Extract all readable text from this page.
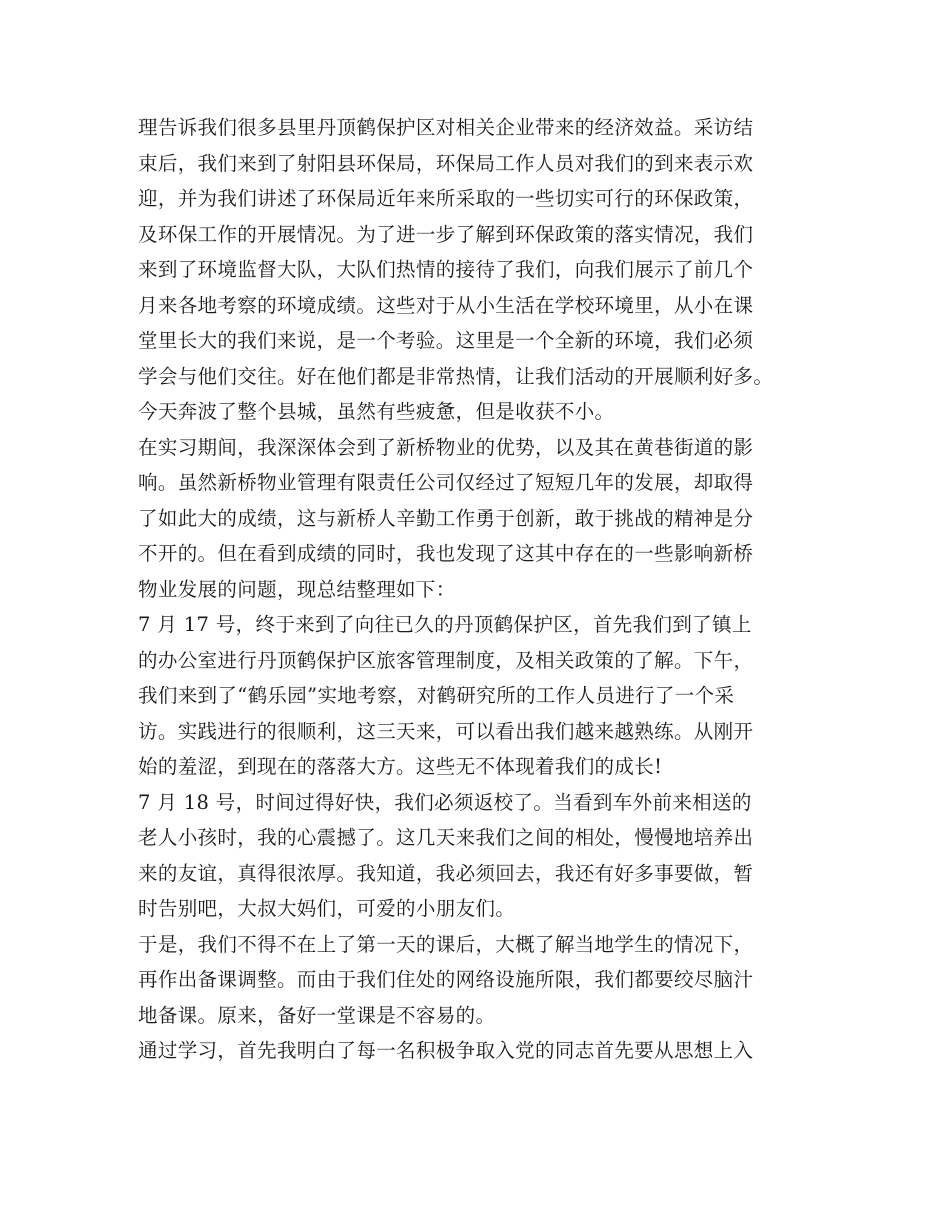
理告诉我们很多县里丹顶鹤保护区对相关企业带来的经济效益。采访结
束后，我们来到了射阳县环保局，环保局工作人员对我们的到来表示欢
迎，并为我们讲述了环保局近年来所采取的一些切实可行的环保政策，
及环保工作的开展情况。为了进一步了解到环保政策的落实情况，我们
来到了环境监督大队，大队们热情的接待了我们，向我们展示了前几个
月来各地考察的环境成绩。这些对于从小生活在学校环境里，从小在课
堂里长大的我们来说，是一个考验。这里是一个全新的环境，我们必须
学会与他们交往。好在他们都是非常热情，让我们活动的开展顺利好多。
今天奔波了整个县城，虽然有些疲惫，但是收获不小。
在实习期间，我深深体会到了新桥物业的优势，以及其在黄巷街道的影
响。虽然新桥物业管理有限责任公司仅经过了短短几年的发展，却取得
了如此大的成绩，这与新桥人辛勤工作勇于创新，敢于挑战的精神是分
不开的。但在看到成绩的同时，我也发现了这其中存在的一些影响新桥
物业发展的问题，现总结整理如下：
7 月 17 号，终于来到了向往已久的丹顶鹤保护区，首先我们到了镇上
的办公室进行丹顶鹤保护区旅客管理制度，及相关政策的了解。下午，
我们来到了“鹤乐园”实地考察，对鹤研究所的工作人员进行了一个采
访。实践进行的很顺利，这三天来，可以看出我们越来越熟练。从刚开
始的羞涩，到现在的落落大方。这些无不体现着我们的成长!
7 月 18 号，时间过得好快，我们必须返校了。当看到车外前来相送的
老人小孩时，我的心震撼了。这几天来我们之间的相处，慢慢地培养出
来的友谊，真得很浓厚。我知道，我必须回去，我还有好多事要做，暂
时告别吧，大叔大妈们，可爱的小朋友们。
于是，我们不得不在上了第一天的课后，大概了解当地学生的情况下，
再作出备课调整。而由于我们住处的网络设施所限，我们都要绞尽脑汁
地备课。原来，备好一堂课是不容易的。
通过学习，首先我明白了每一名积极争取入党的同志首先要从思想上入
